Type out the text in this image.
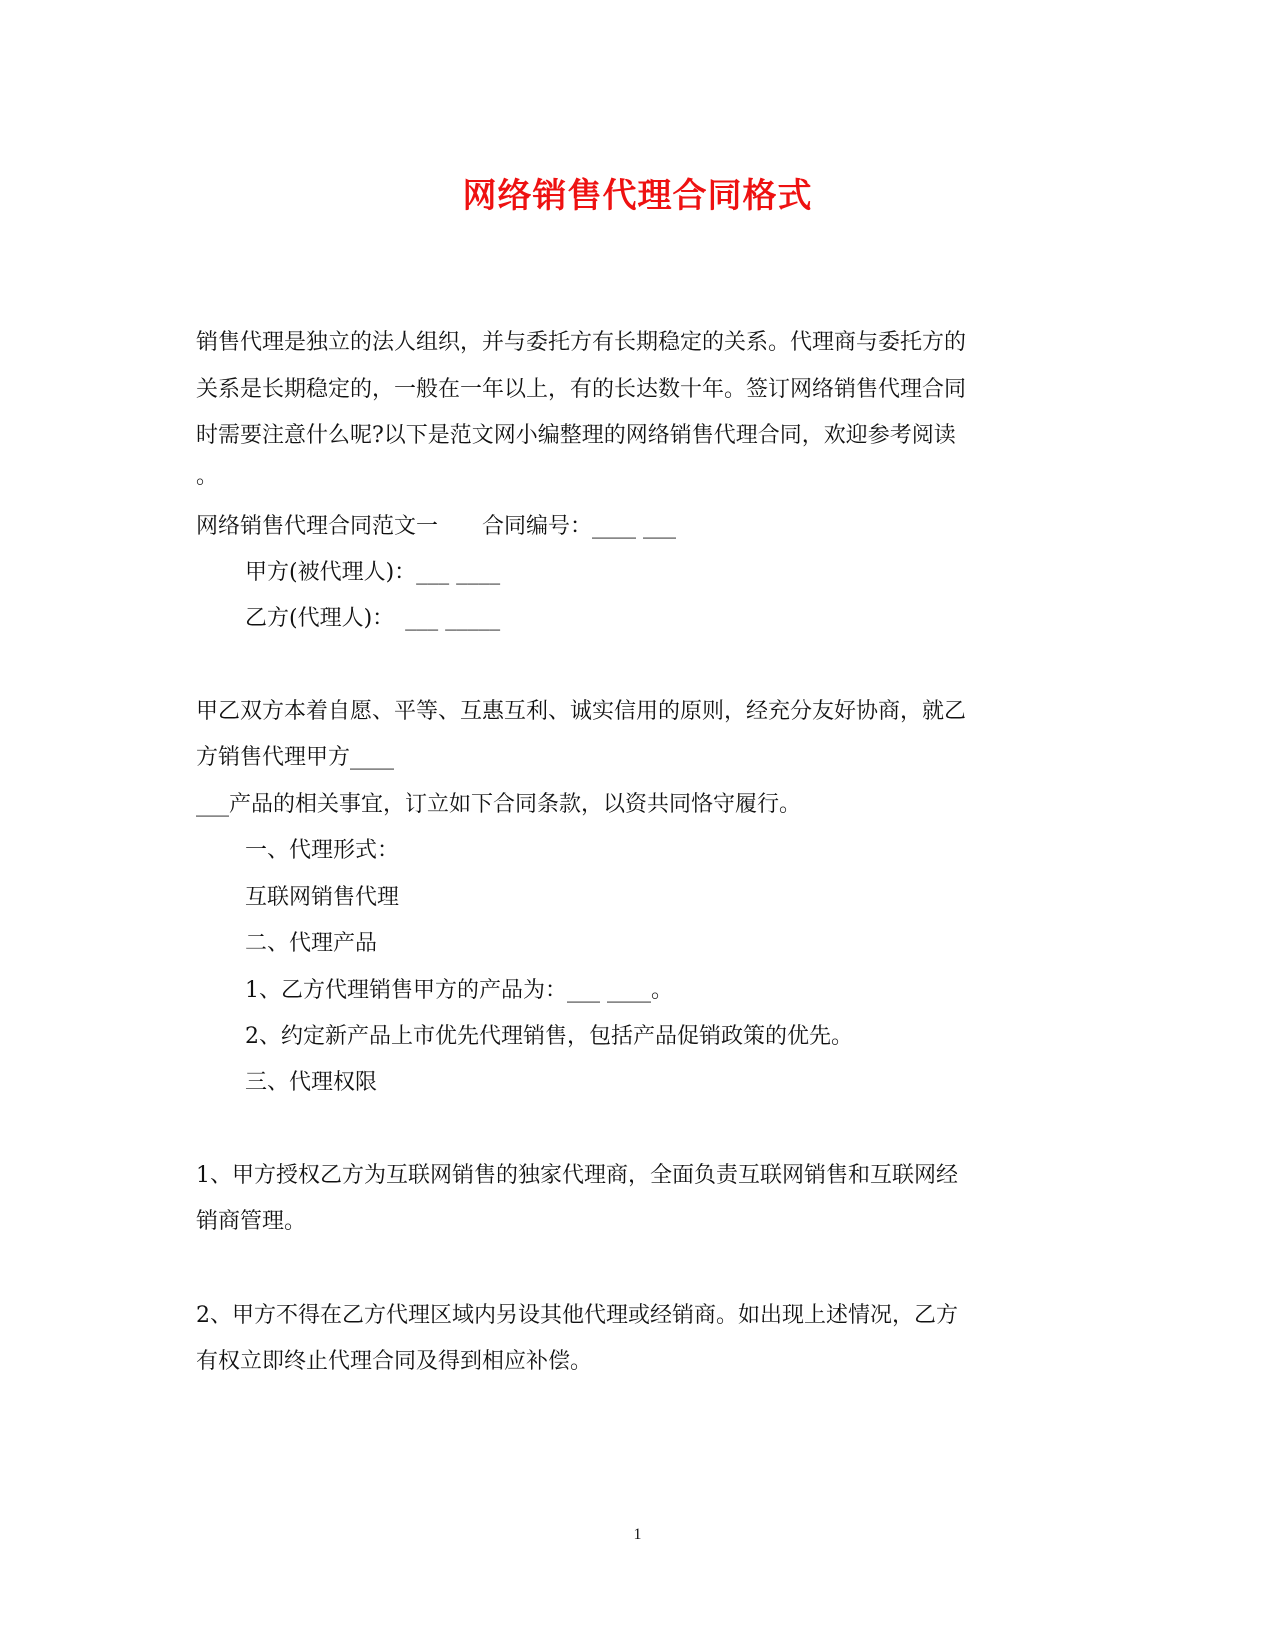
网络销售代理合同格式
销售代理是独立的法人组织，并与委托方有长期稳定的关系。代理商与委托方的
关系是长期稳定的，一般在一年以上，有的长达数十年。签订网络销售代理合同
时需要注意什么呢?以下是范文网小编整理的网络销售代理合同，欢迎参考阅读
。
网络销售代理合同范文一　　合同编号：____ ___
甲方(被代理人)：___ ____
乙方(代理人)：　___ _____
甲乙双方本着自愿、平等、互惠互利、诚实信用的原则，经充分友好协商，就乙
方销售代理甲方____
___产品的相关事宜，订立如下合同条款，以资共同恪守履行。
一、代理形式：
互联网销售代理
二、代理产品
1、乙方代理销售甲方的产品为：___ ____。
2、约定新产品上市优先代理销售，包括产品促销政策的优先。
三、代理权限
1、甲方授权乙方为互联网销售的独家代理商，全面负责互联网销售和互联网经
销商管理。
2、甲方不得在乙方代理区域内另设其他代理或经销商。如出现上述情况，乙方
有权立即终止代理合同及得到相应补偿。
1
